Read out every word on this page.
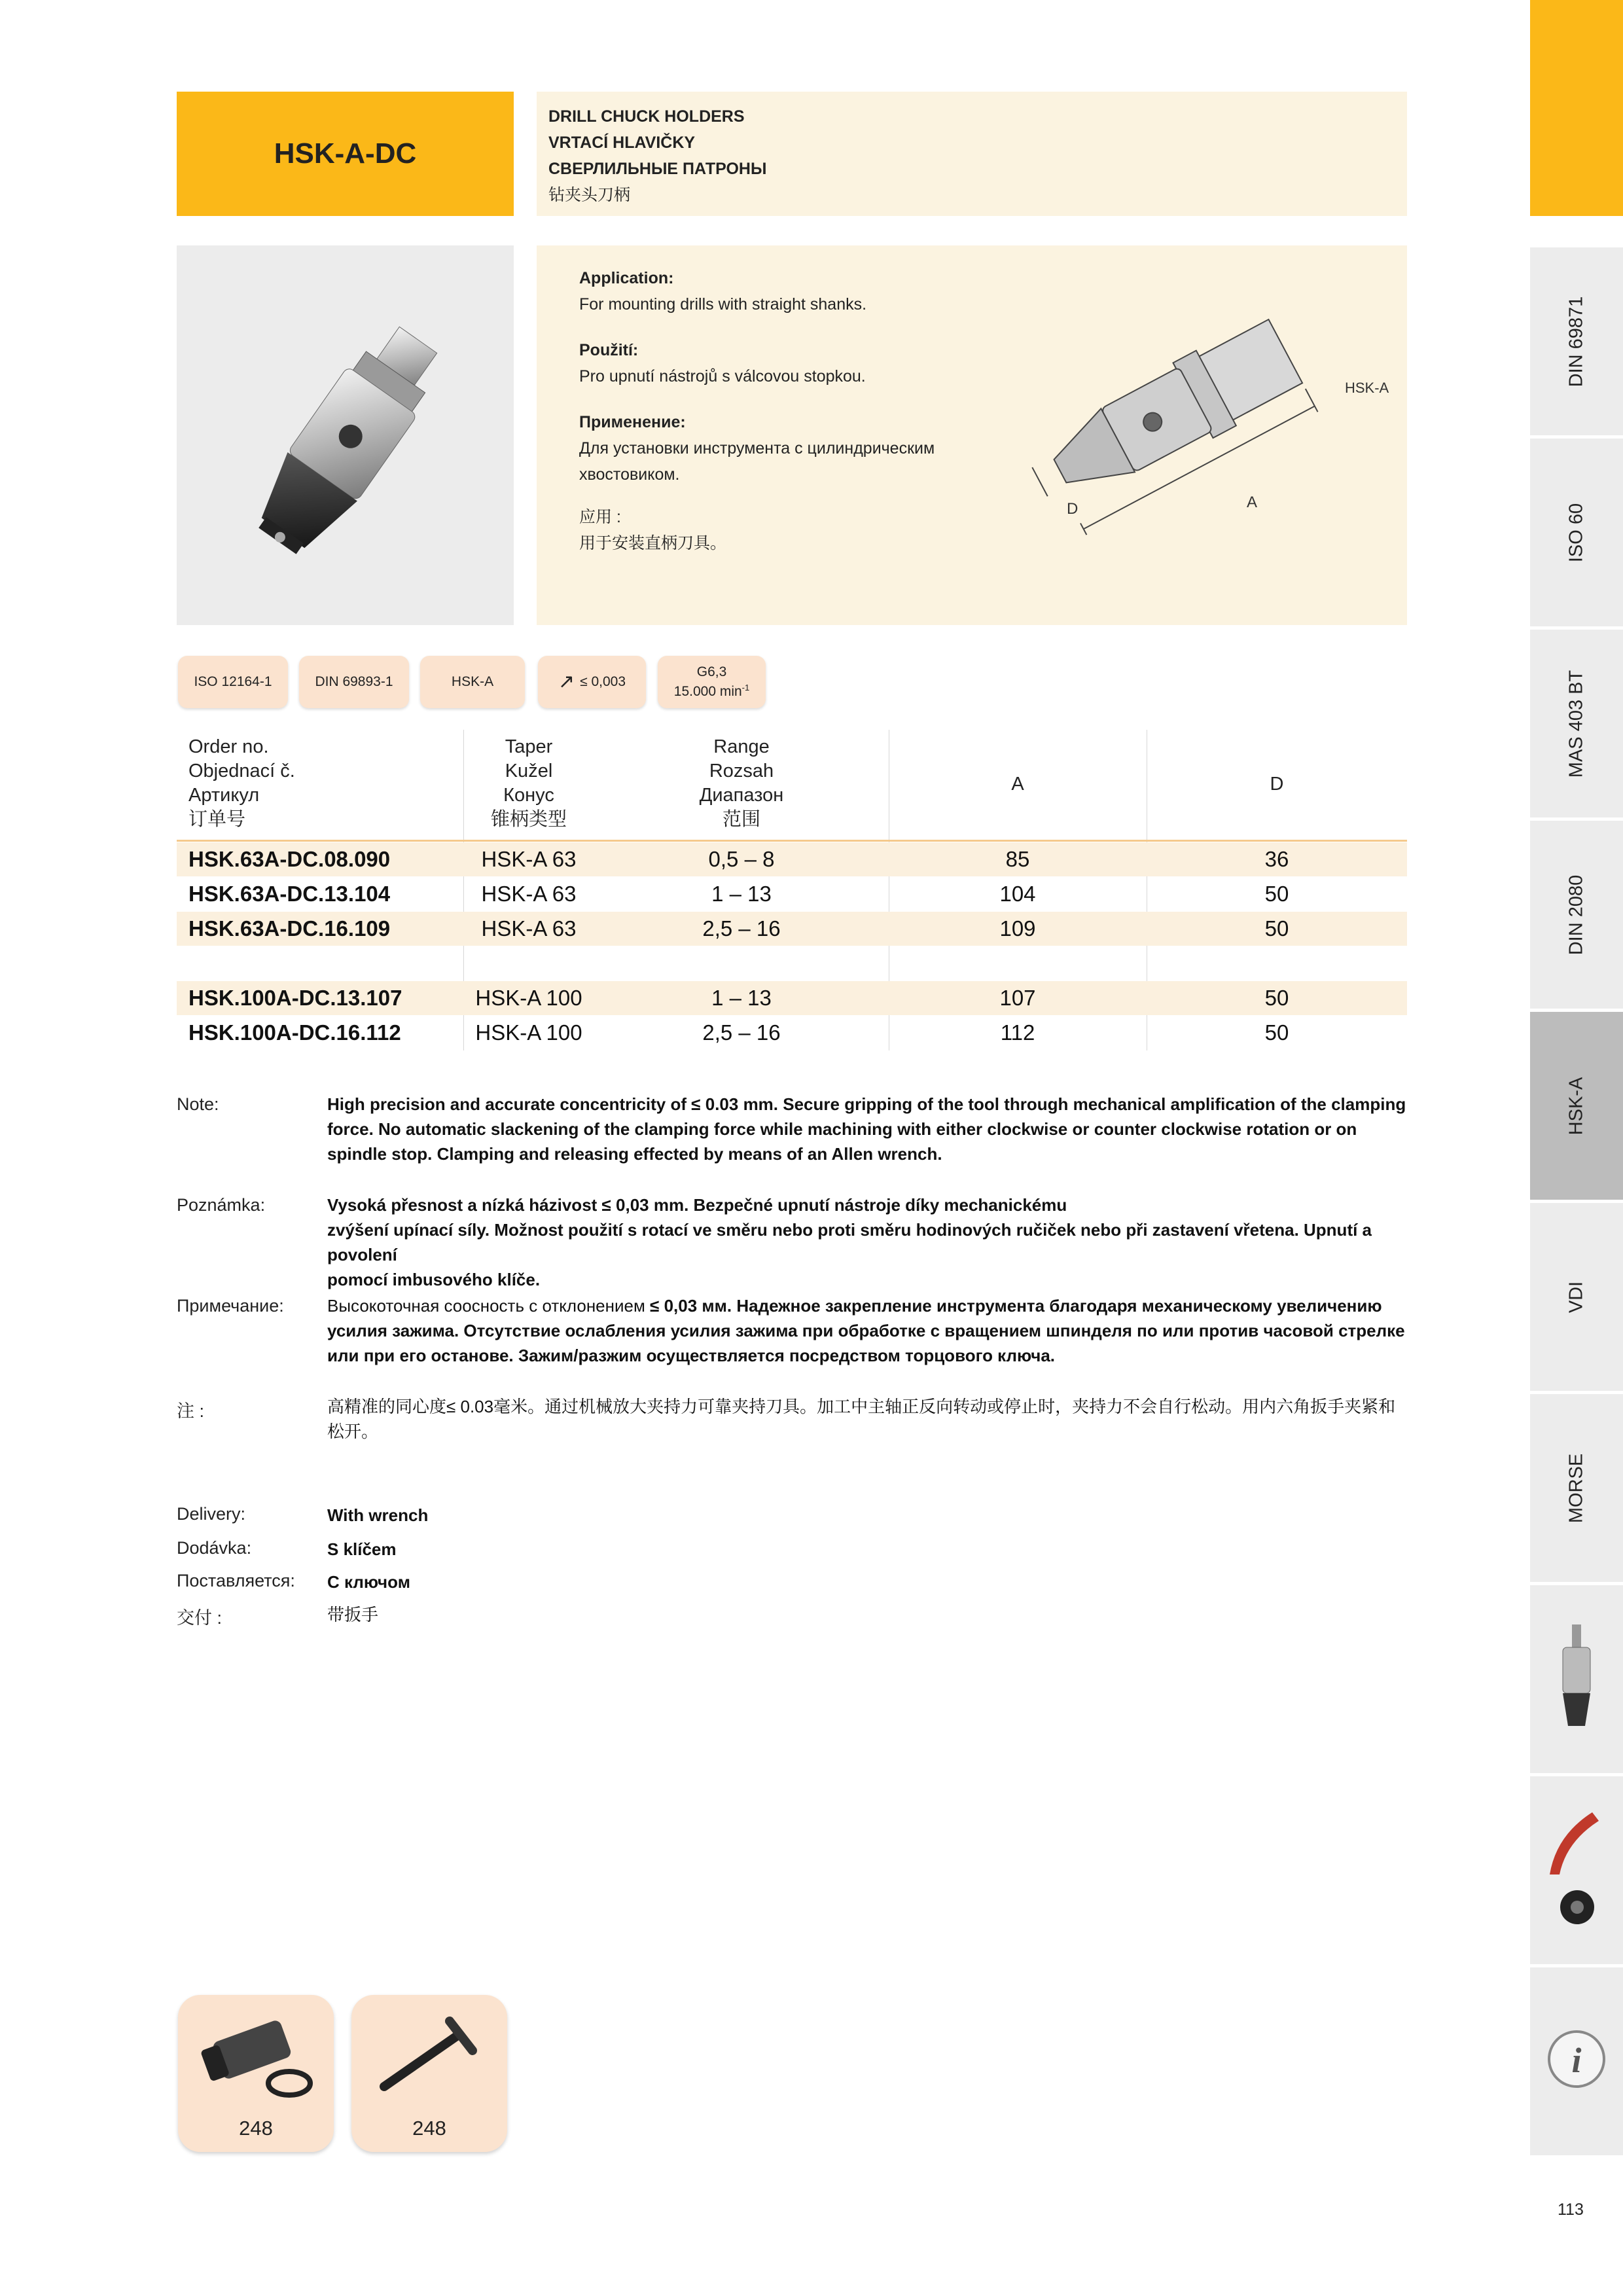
HSK-A-DC
DRILL CHUCK HOLDERS
VRTACÍ HLAVIČKY
СВЕРЛИЛЬНЫЕ ПАТРОНЫ
钻夹头刀柄
Application:
For mounting drills with straight shanks.
Použití:
Pro upnutí nástrojů s válcovou stopkou.
Применение:
Для установки инструмента с цилиндрическим
хвостовиком.
应用 :
用于安装直柄刀具。
HSK-A
A
D
ISO 12164-1	DIN 69893-1	HSK-A	↗ ≤ 0,003
G6,3
15.000 $\min^{-1}$
Order no.
Objednací č.
Артикул
订单号
Taper
Kužel
Конус
锥柄类型
Range
Rozsah
Диапазон
范围
A	D
HSK.63A-DC.08.090	HSK-A 63	0,5 – 8	85	36
HSK.63A-DC.13.104	HSK-A 63	1 – 13	104	50
HSK.63A-DC.16.109	HSK-A 63	2,5 – 16	109	50
HSK.100A-DC.13.107	HSK-A 100	1 – 13	107	50
HSK.100A-DC.16.112	HSK-A 100	2,5 – 16	112	50
Note:	High precision and accurate concentricity of ≤ 0.03 mm. Secure gripping of the tool through mechanical amplification of the clamping force. No automatic slackening of the clamping force while machining with either clockwise or counter clockwise rotation or on spindle stop. Clamping and releasing effected by means of an Allen wrench.
Poznámka:	Vysoká přesnost a nízká házivost ≤ 0,03 mm. Bezpečné upnutí nástroje díky mechanickému
zvýšení upínací síly. Možnost použití s rotací ve směru nebo proti směru hodinových ručiček nebo při zastavení vřetena. Upnutí a povolení
pomocí imbusového klíče.
Примечание:	Высокоточная соосность с отклонением ≤ 0,03 мм. Надежное закрепление инструмента благодаря механическому увеличению усилия зажима. Отсутствие ослабления усилия зажима при обработке с вращением шпинделя по или против часовой стрелке или при его останове. Зажим/разжим осуществляется посредством торцового ключа.
注 :	高精准的同心度≤ 0.03毫米。通过机械放大夹持力可靠夹持刀具。加工中主轴正反向转动或停止时，夹持力不会自行松动。用内六角扳手夹紧和松开。
Delivery:	With wrench
Dodávka:	S klíčem
Поставляется: С ключом
交付 :	带扳手
DIN 69871
ISO 60
MAS 403 BT
DIN 2080
HSK-A
VDI
MORSE
i
248	248
113
